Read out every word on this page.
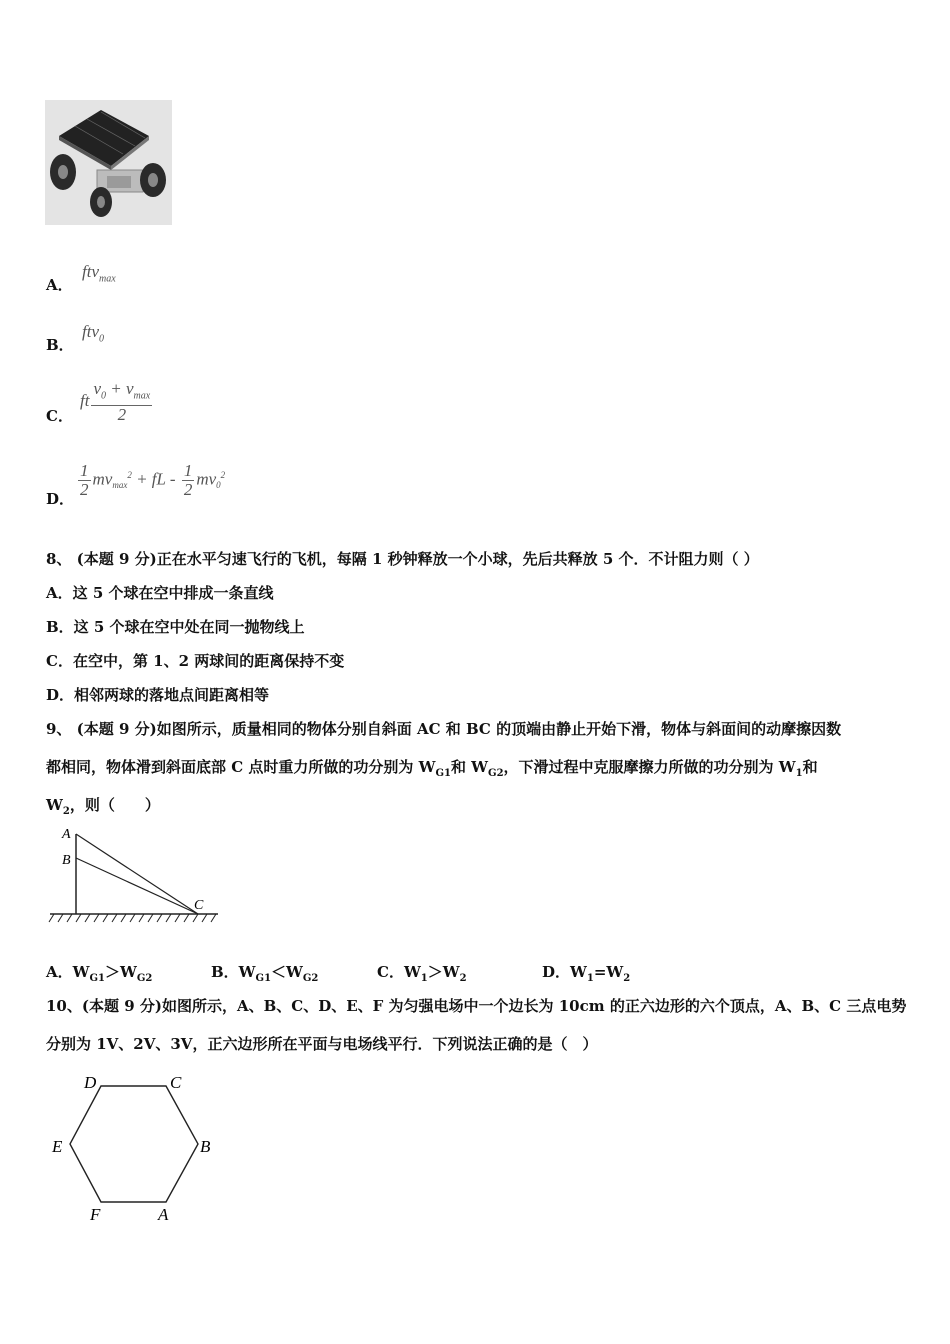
A．
ftv$_{max}$
B．
ftv$_0$
C．
ft $\frac{v_0 + v_{max}}{2}$
D． $\frac{1}{2} mv_{max}^2$ + fL - $\frac{1}{2} mv_0^2$
8、 (本题 9 分)正在水平匀速飞行的飞机，每隔 1 秒钟释放一个小球，先后共释放 5 个．不计阻力则（ ）
A．这 5 个球在空中排成一条直线
B．这 5 个球在空中处在同一抛物线上
C．在空中，第 1、2 两球间的距离保持不变
D．相邻两球的落地点间距离相等
9、 (本题 9 分)如图所示，质量相同的物体分别自斜面 AC 和 BC 的顶端由静止开始下滑，物体与斜面间的动摩擦因数
都相同，物体滑到斜面底部 C 点时重力所做的功分别为 $W_{G1}$和 $W_{G2}$，下滑过程中克服摩擦力所做的功分别为 $W_1$和
$W_2$，则（　　）
A
B
C
A．$W_{G1}>W_{G2}$	B．$W_{G1}<W_{G2}$	C．$W_1>W_2$	D．$W_1=W_2$
10、(本题 9 分)如图所示，A、B、C、D、E、F 为匀强电场中一个边长为 10cm 的正六边形的六个顶点，A、B、C 三点电势
分别为 1V、2V、3V，正六边形所在平面与电场线平行．下列说法正确的是（　）
D	C
E	B
F	A
